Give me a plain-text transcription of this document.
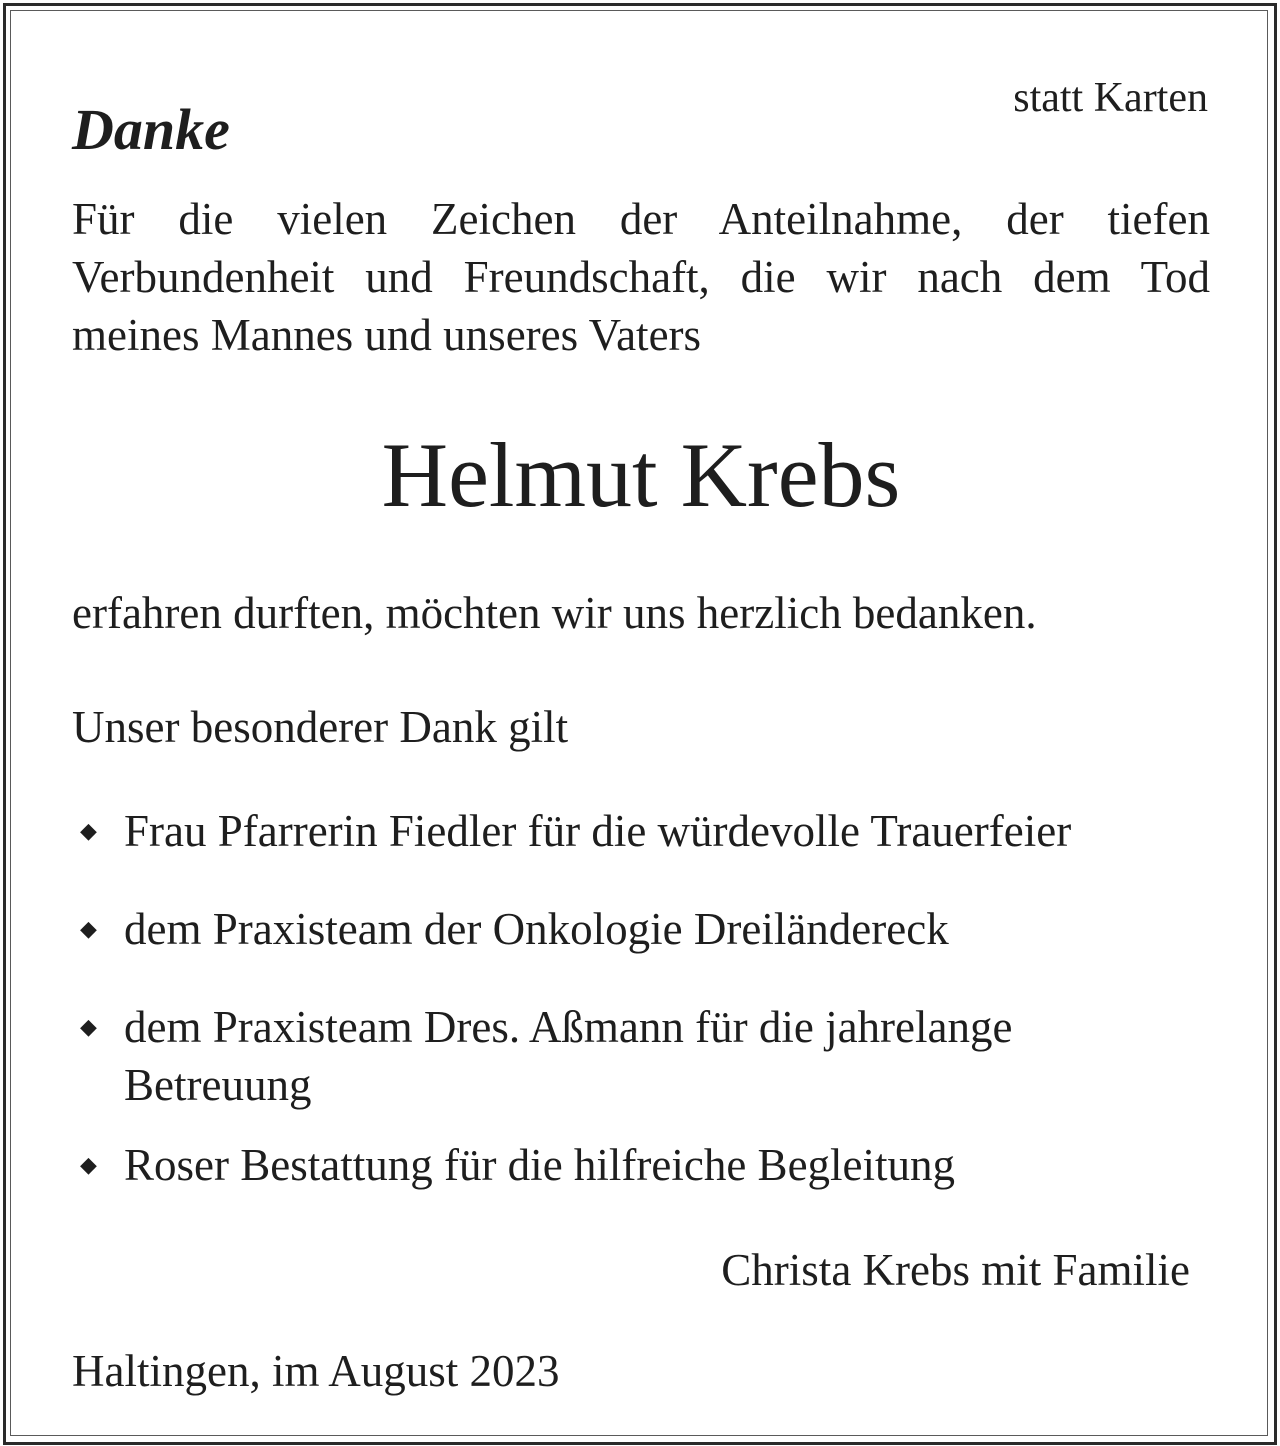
statt Karten
Danke
Für die vielen Zeichen der Anteilnahme, der tiefen Verbundenheit und Freundschaft, die wir nach dem Tod meines Mannes und unseres Vaters
Helmut Krebs
erfahren durften, möchten wir uns herzlich bedanken.
Unser besonderer Dank gilt
◆ Frau Pfarrerin Fiedler für die würdevolle Trauerfeier
◆ dem Praxisteam der Onkologie Dreiländereck
◆ dem Praxisteam Dres. Aßmann für die jahrelange Betreuung
◆ Roser Bestattung für die hilfreiche Begleitung
Christa Krebs mit Familie
Haltingen, im August 2023
